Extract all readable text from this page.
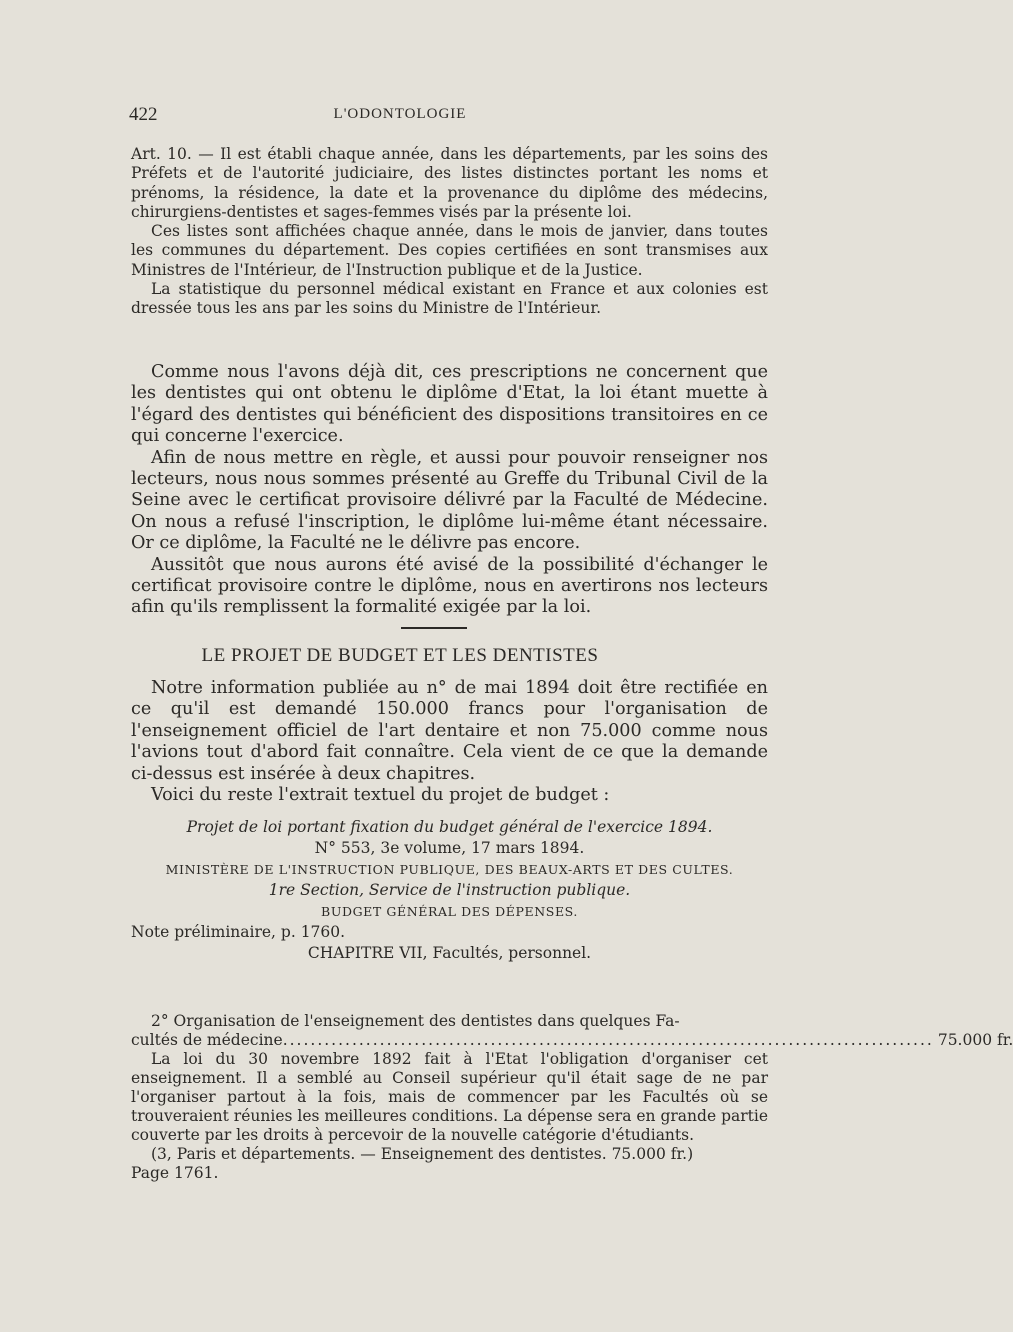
422	L'ODONTOLOGIE

Art. 10. — Il est établi chaque année, dans les départements, par les soins des Préfets et de l'autorité judiciaire, des listes distinctes portant les noms et prénoms, la résidence, la date et la provenance du diplôme des médecins, chirurgiens-dentistes et sages-femmes visés par la présente loi.

Ces listes sont affichées chaque année, dans le mois de janvier, dans toutes les communes du département. Des copies certifiées en sont transmises aux Ministres de l'Intérieur, de l'Instruction publique et de la Justice.

La statistique du personnel médical existant en France et aux colonies est dressée tous les ans par les soins du Ministre de l'Intérieur.

Comme nous l'avons déjà dit, ces prescriptions ne concernent que les dentistes qui ont obtenu le diplôme d'Etat, la loi étant muette à l'égard des dentistes qui bénéficient des dispositions transitoires en ce qui concerne l'exercice.

Afin de nous mettre en règle, et aussi pour pouvoir renseigner nos lecteurs, nous nous sommes présenté au Greffe du Tribunal Civil de la Seine avec le certificat provisoire délivré par la Faculté de Médecine. On nous a refusé l'inscription, le diplôme lui-même étant nécessaire. Or ce diplôme, la Faculté ne le délivre pas encore.

Aussitôt que nous aurons été avisé de la possibilité d'échanger le certificat provisoire contre le diplôme, nous en avertirons nos lecteurs afin qu'ils remplissent la formalité exigée par la loi.

LE PROJET DE BUDGET ET LES DENTISTES

Notre information publiée au n° de mai 1894 doit être rectifiée en ce qu'il est demandé 150.000 francs pour l'organisation de l'enseignement officiel de l'art dentaire et non 75.000 comme nous l'avions tout d'abord fait connaître. Cela vient de ce que la demande ci-dessus est insérée à deux chapitres.

Voici du reste l'extrait textuel du projet de budget :

Projet de loi portant fixation du budget général de l'exercice 1894.

N° 553, 3e volume, 17 mars 1894.

MINISTÈRE DE L'INSTRUCTION PUBLIQUE, DES BEAUX-ARTS ET DES CULTES.

1re Section, Service de l'instruction publique.

BUDGET GÉNÉRAL DES DÉPENSES.

Note préliminaire, p. 1760.

CHAPITRE VII, Facultés, personnel.

2° Organisation de l'enseignement des dentistes dans quelques Fa-

cultés de médecine .............................................................................................. 75.000 fr.

La loi du 30 novembre 1892 fait à l'Etat l'obligation d'organiser cet enseignement. Il a semblé au Conseil supérieur qu'il était sage de ne par l'organiser partout à la fois, mais de commencer par les Facultés où se trouveraient réunies les meilleures conditions. La dépense sera en grande partie couverte par les droits à percevoir de la nouvelle catégorie d'étudiants.

(3, Paris et départements. — Enseignement des dentistes. 75.000 fr.)

Page 1761.
